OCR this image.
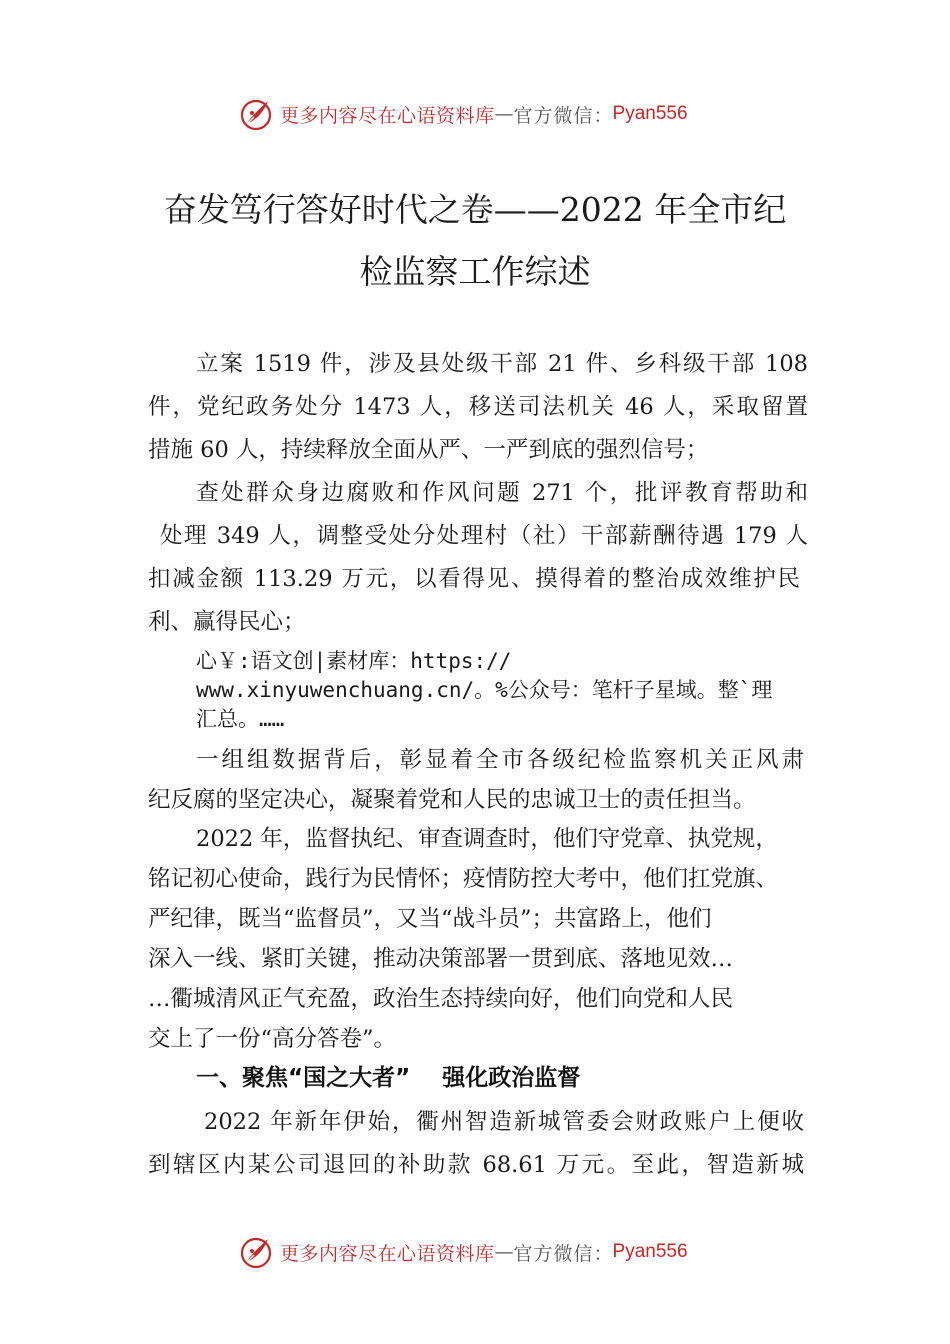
更多内容尽在心语资料库 — 官方微信 ： Pyan556
奋发笃行答好时代之卷——2022 年全市纪
检监察工作综述
立案 1519 件，涉及县处级干部 21 件、乡科级干部 108
件，党纪政务处分 1473 人，移送司法机关 46 人，采取留置
措施 60 人，持续释放全面从严、一严到底的强烈信号；
查处群众身边腐败和作风问题 271 个，批评教育帮助和
处理 349 人，调整受处分处理村（社）干部薪酬待遇 179 人
扣减金额 113.29 万元，以看得见、摸得着的整治成效维护民
利、赢得民心；
心￥:语文创|素材库：https://
www.xinyuwenchuang.cn/。%公众号：笔杆子星域。整`理
汇总。……
一组组数据背后，彰显着全市各级纪检监察机关正风肃
纪反腐的坚定决心，凝聚着党和人民的忠诚卫士的责任担当。
2022 年，监督执纪、审查调查时，他们守党章、执党规，
铭记初心使命，践行为民情怀；疫情防控大考中，他们扛党旗、
严纪律，既当“监督员”，又当“战斗员”；共富路上，他们
深入一线、紧盯关键，推动决策部署一贯到底、落地见效…
…衢城清风正气充盈，政治生态持续向好，他们向党和人民
交上了一份“高分答卷”。
一、聚焦“国之大者”    强化政治监督
2022 年新年伊始，衢州智造新城管委会财政账户上便收
到辖区内某公司退回的补助款 68.61 万元。至此，智造新城
更多内容尽在心语资料库 — 官方微信 ： Pyan556
